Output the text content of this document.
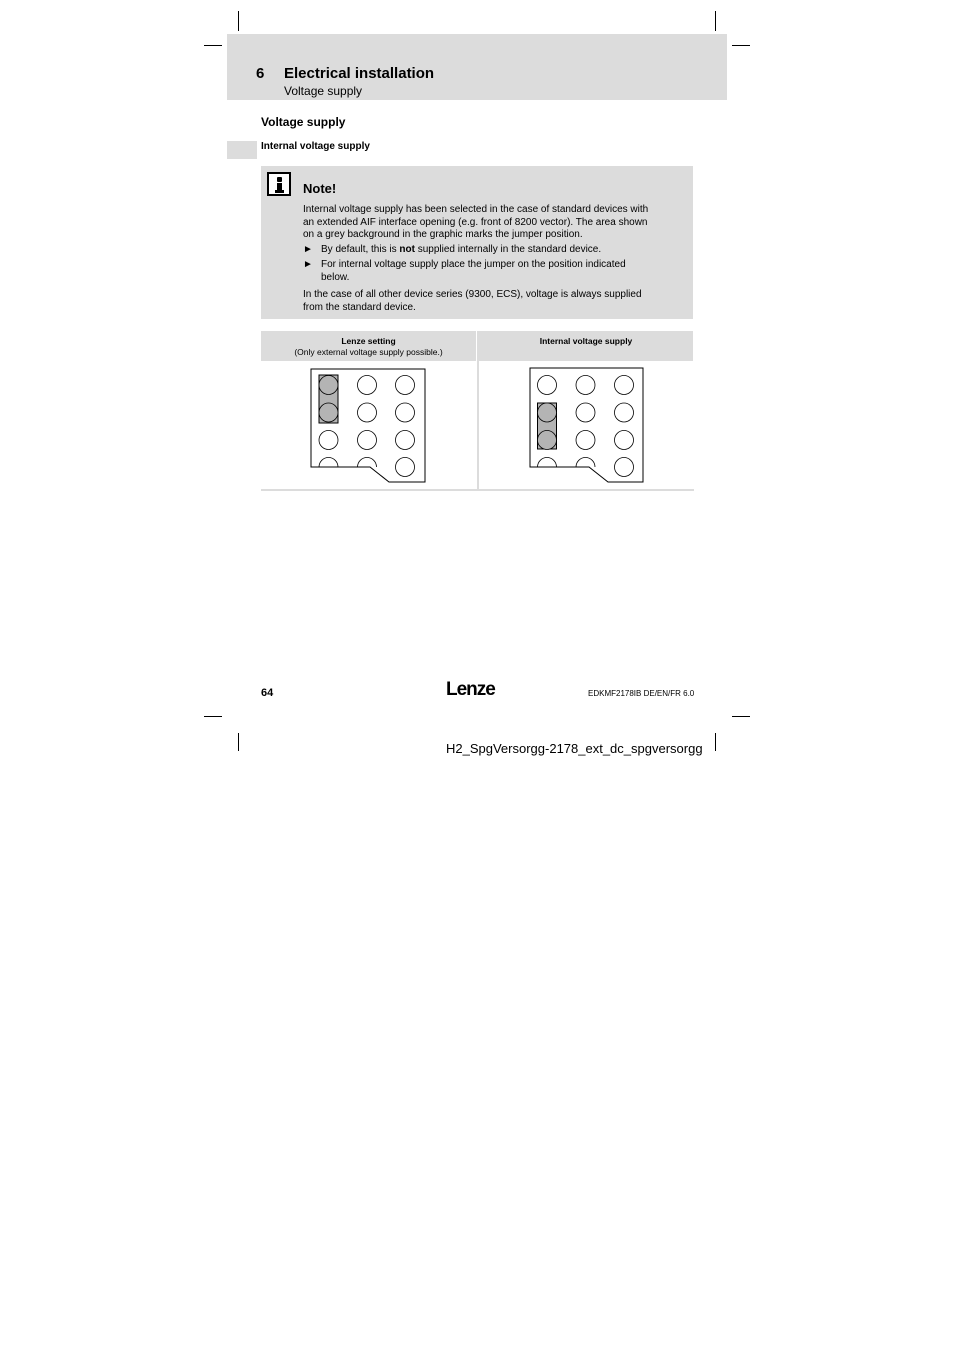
6 Electrical installation
Voltage supply
Voltage supply
Internal voltage supply
Note!
Internal voltage supply has been selected in the case of standard devices with
an extended AIF interface opening (e.g. front of 8200 vector). The area shown
on a grey background in the graphic marks the jumper position.
► By default, this is not supplied internally in the standard device.
► For internal voltage supply place the jumper on the position indicated
below.
In the case of all other device series (9300, ECS), voltage is always supplied
from the standard device.
Lenze setting
(Only external voltage supply possible.)
Internal voltage supply
64	Lenze	EDKMF2178IB DE/EN/FR 6.0
H2_SpgVersorgg-2178_ext_dc_spgversorgg
